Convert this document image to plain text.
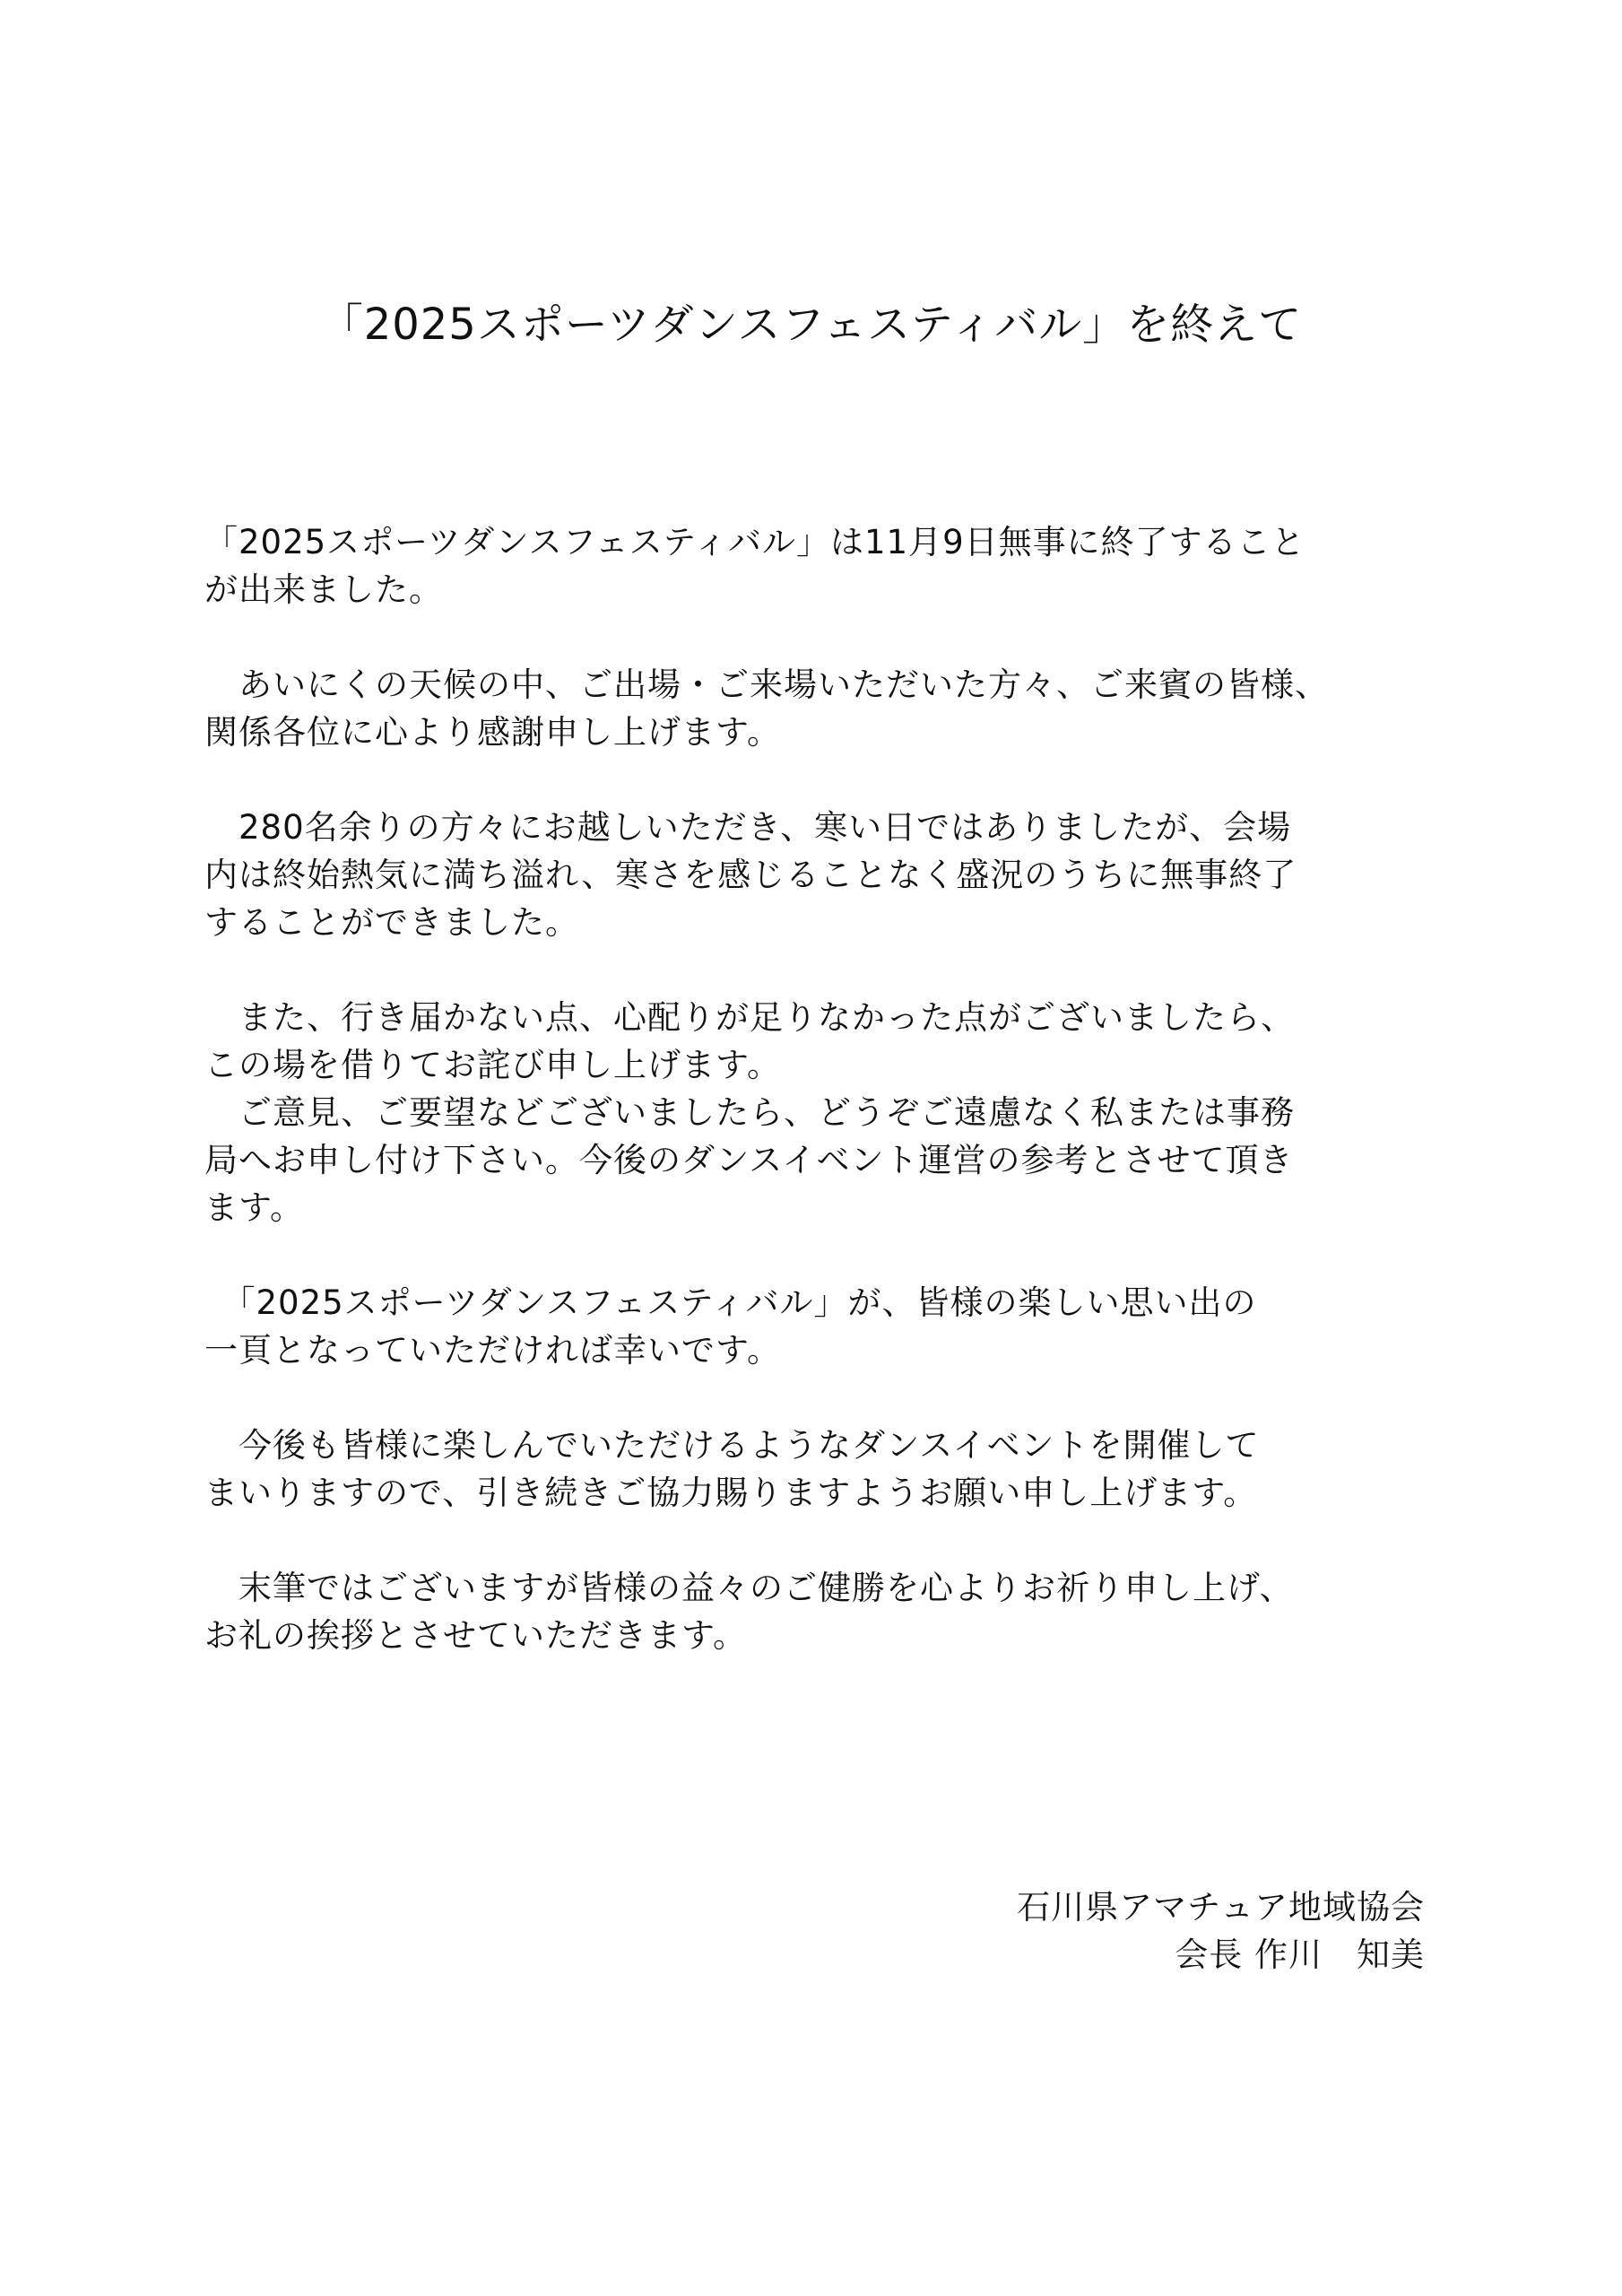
「2025スポーツダンスフェスティバル」を終えて

「2025スポーツダンスフェスティバル」は11月9日無事に終了すること
が出来ました。

　あいにくの天候の中、ご出場・ご来場いただいた方々、ご来賓の皆様、
関係各位に心より感謝申し上げます。

　280名余りの方々にお越しいただき、寒い日ではありましたが、会場
内は終始熱気に満ち溢れ、寒さを感じることなく盛況のうちに無事終了
することができました。

　また、行き届かない点、心配りが足りなかった点がございましたら、
この場を借りてお詫び申し上げます。

　ご意見、ご要望などございましたら、どうぞご遠慮なく私または事務
局へお申し付け下さい。今後のダンスイベント運営の参考とさせて頂き
ます。

　「2025スポーツダンスフェスティバル」が、皆様の楽しい思い出の
一頁となっていただければ幸いです。

　今後も皆様に楽しんでいただけるようなダンスイベントを開催して
まいりますので、引き続きご協力賜りますようお願い申し上げます。

　末筆ではございますが皆様の益々のご健勝を心よりお祈り申し上げ、
お礼の挨拶とさせていただきます。

石川県アマチュア地域協会
会長 作川　知美
